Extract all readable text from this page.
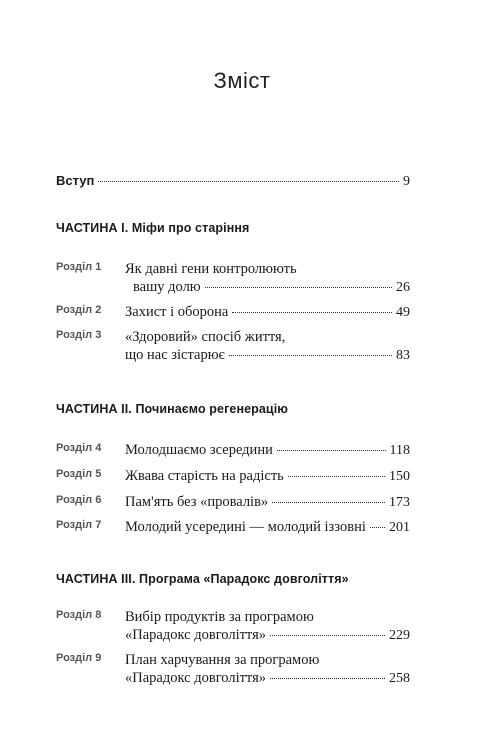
Зміст
Вступ	9
ЧАСТИНА I. Міфи про старіння
Розділ 1 Як давні гени контролюють
вашу долю	26
Розділ 2 Захист і оборона	49
Розділ 3 «Здоровий» спосіб життя,
що нас зістарює	83
ЧАСТИНА II. Починаємо регенерацію
Розділ 4 Молодшаємо зсередини	118
Розділ 5 Жвава старість на радість	150
Розділ 6 Пам'ять без «провалів»	173
Розділ 7 Молодий усередині — молодий іззовні 201
ЧАСТИНА III. Програма «Парадокс довголіття»
Розділ 8 Вибір продуктів за програмою
«Парадокс довголіття»	229
Розділ 9 План харчування за програмою
«Парадокс довголіття»	258
